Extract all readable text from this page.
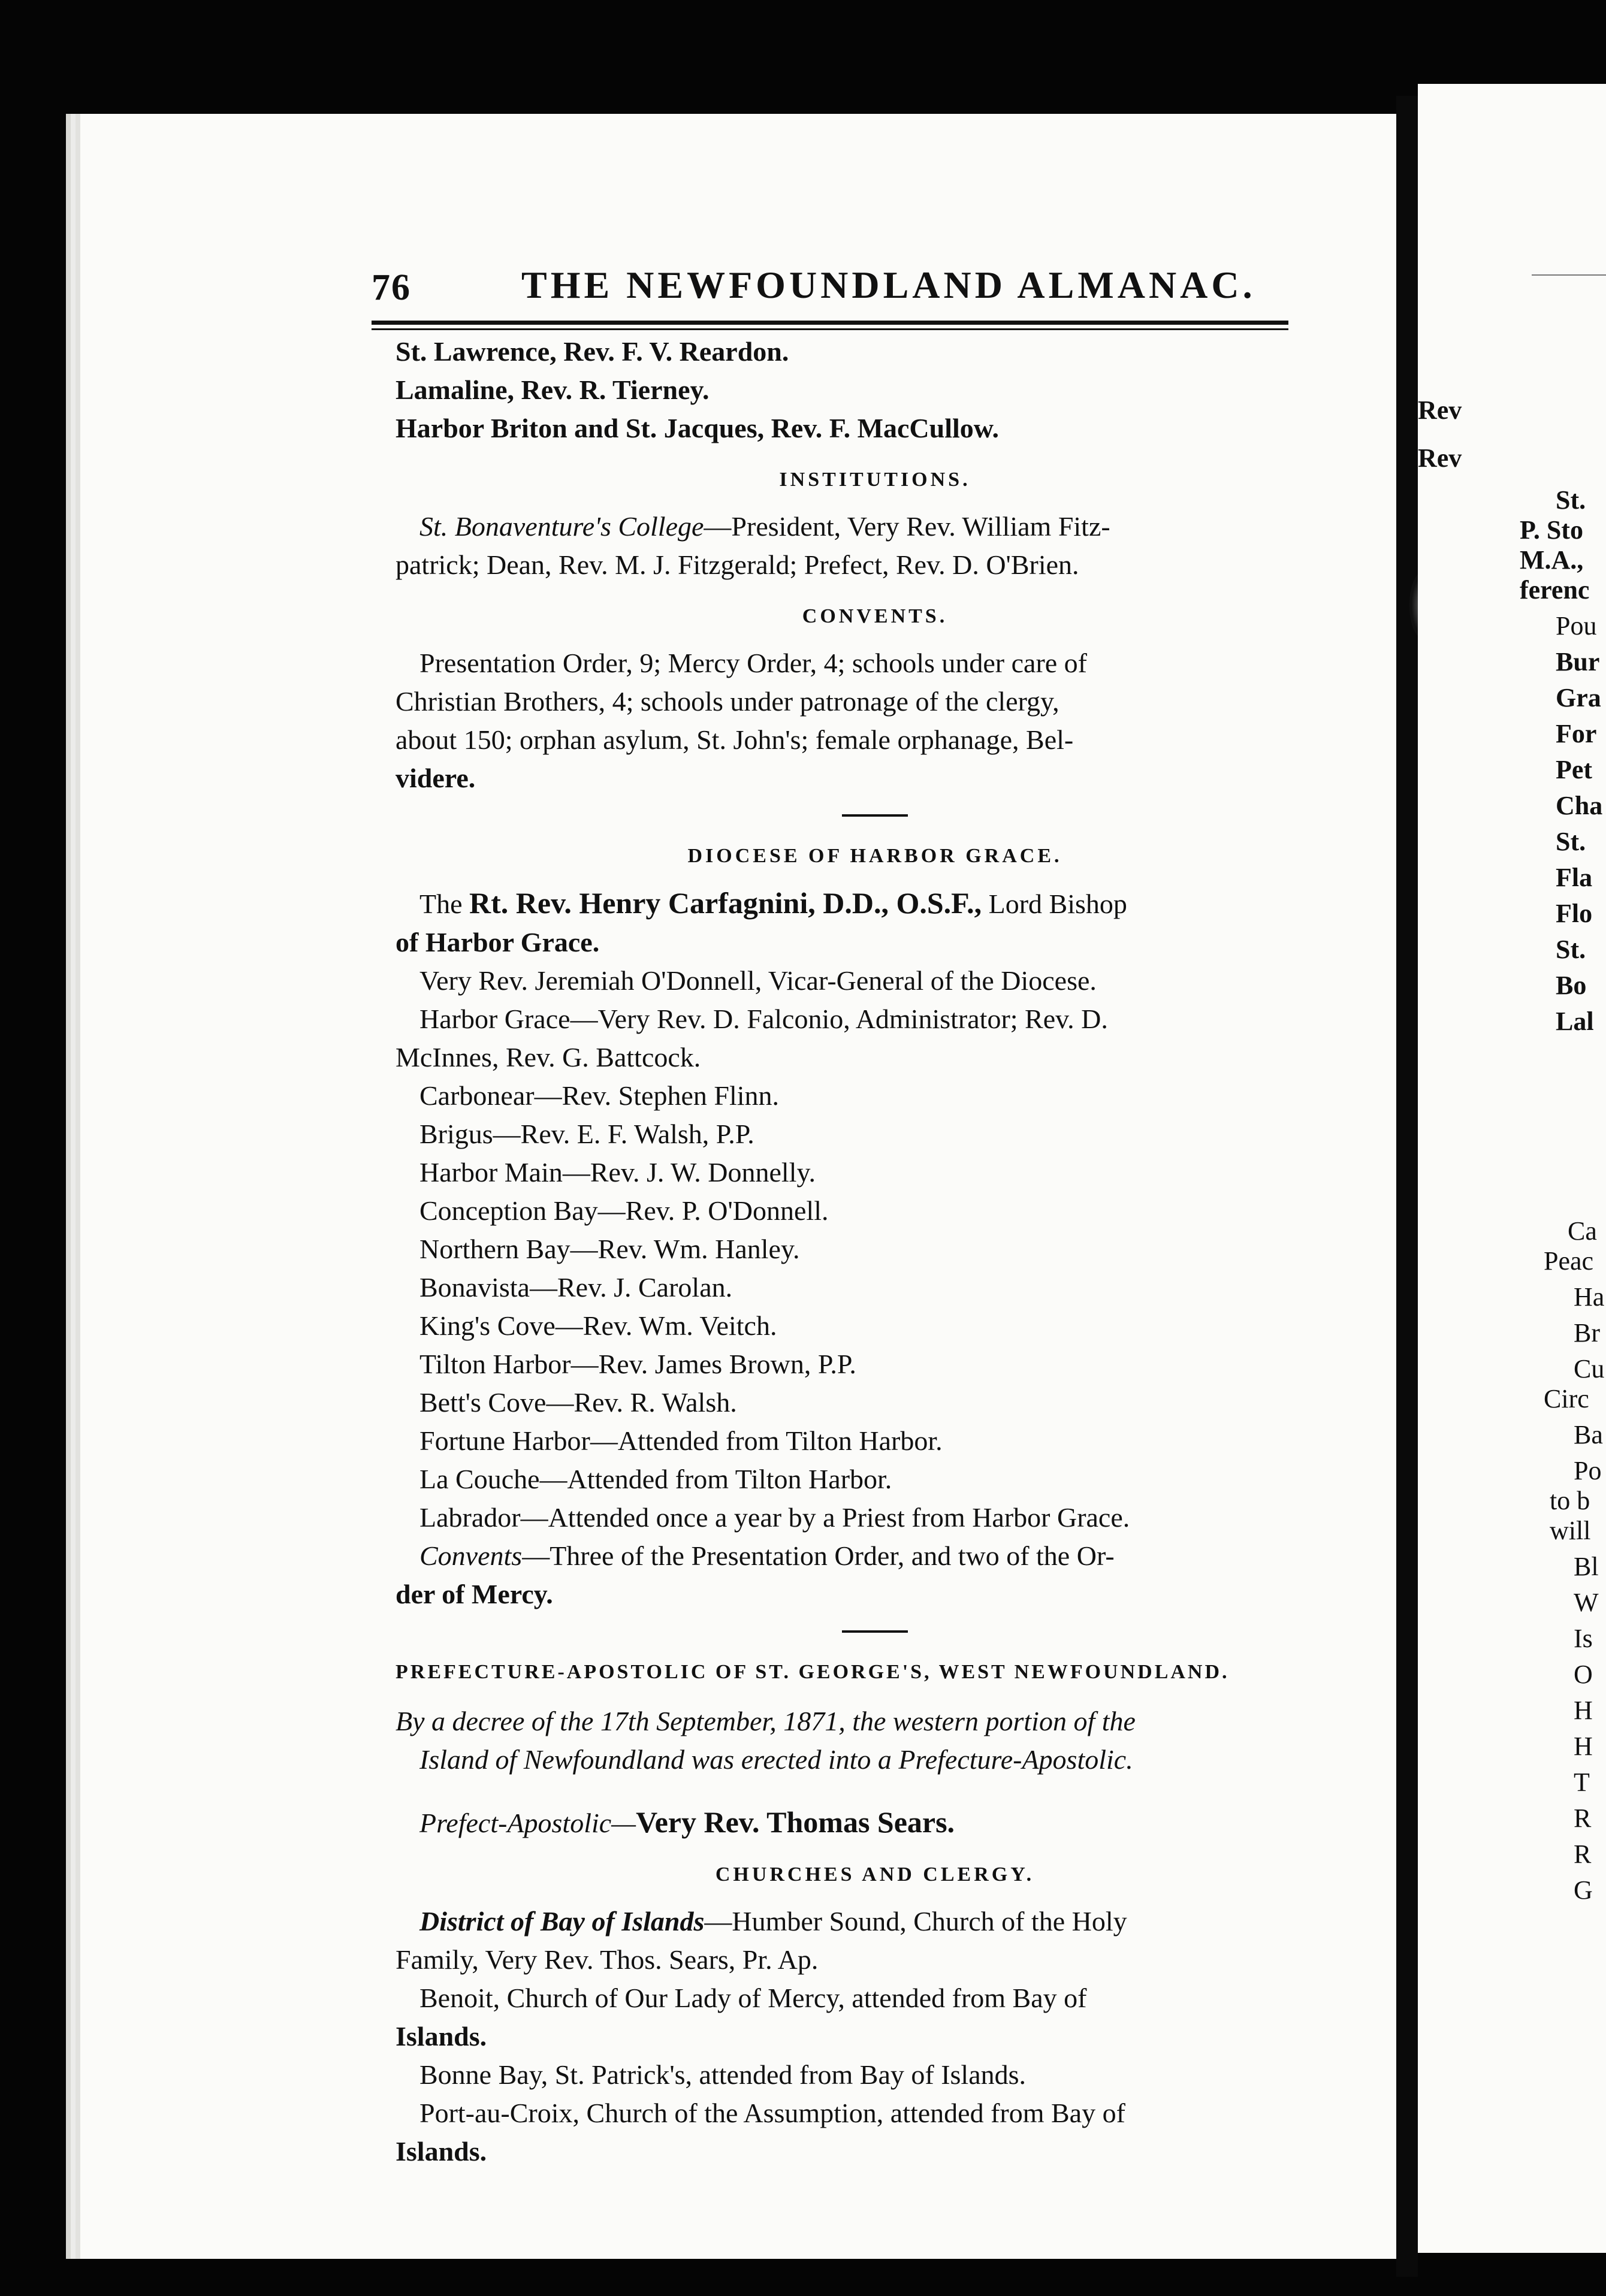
Rev
Rev
St.
P. Sto
M.A.,
ferenc
Pou
Bur
Gra
For
Pet
Cha
St.
Fla
Flo
St.
Bo
Lal
Ca
Peac
Ha
Br
Cu
Circ
Ba
Po
to b
will
Bl
W
Is
O
H
H
T
R
R
G
76	THE NEWFOUNDLAND ALMANAC.
St. Lawrence, Rev. F. V. Reardon.
Lamaline, Rev. R. Tierney.
Harbor Briton and St. Jacques, Rev. F. MacCullow.
INSTITUTIONS.
St. Bonaventure's College—President, Very Rev. William Fitz-
patrick; Dean, Rev. M. J. Fitzgerald; Prefect, Rev. D. O'Brien.
CONVENTS.
Presentation Order, 9; Mercy Order, 4; schools under care of
Christian Brothers, 4; schools under patronage of the clergy,
about 150; orphan asylum, St. John's; female orphanage, Bel-
videre.
DIOCESE OF HARBOR GRACE.
The Rt. Rev. Henry Carfagnini, D.D., O.S.F., Lord Bishop
of Harbor Grace.
Very Rev. Jeremiah O'Donnell, Vicar-General of the Diocese.
Harbor Grace—Very Rev. D. Falconio, Administrator; Rev. D.
McInnes, Rev. G. Battcock.
Carbonear—Rev. Stephen Flinn.
Brigus—Rev. E. F. Walsh, P.P.
Harbor Main—Rev. J. W. Donnelly.
Conception Bay—Rev. P. O'Donnell.
Northern Bay—Rev. Wm. Hanley.
Bonavista—Rev. J. Carolan.
King's Cove—Rev. Wm. Veitch.
Tilton Harbor—Rev. James Brown, P.P.
Bett's Cove—Rev. R. Walsh.
Fortune Harbor—Attended from Tilton Harbor.
La Couche—Attended from Tilton Harbor.
Labrador—Attended once a year by a Priest from Harbor Grace.
Convents—Three of the Presentation Order, and two of the Or-
der of Mercy.
PREFECTURE-APOSTOLIC OF ST. GEORGE'S, WEST NEWFOUNDLAND.
By a decree of the 17th September, 1871, the western portion of the
Island of Newfoundland was erected into a Prefecture-Apostolic.
Prefect-Apostolic—Very Rev. Thomas Sears.
CHURCHES AND CLERGY.
District of Bay of Islands—Humber Sound, Church of the Holy
Family, Very Rev. Thos. Sears, Pr. Ap.
Benoit, Church of Our Lady of Mercy, attended from Bay of
Islands.
Bonne Bay, St. Patrick's, attended from Bay of Islands.
Port-au-Croix, Church of the Assumption, attended from Bay of
Islands.
